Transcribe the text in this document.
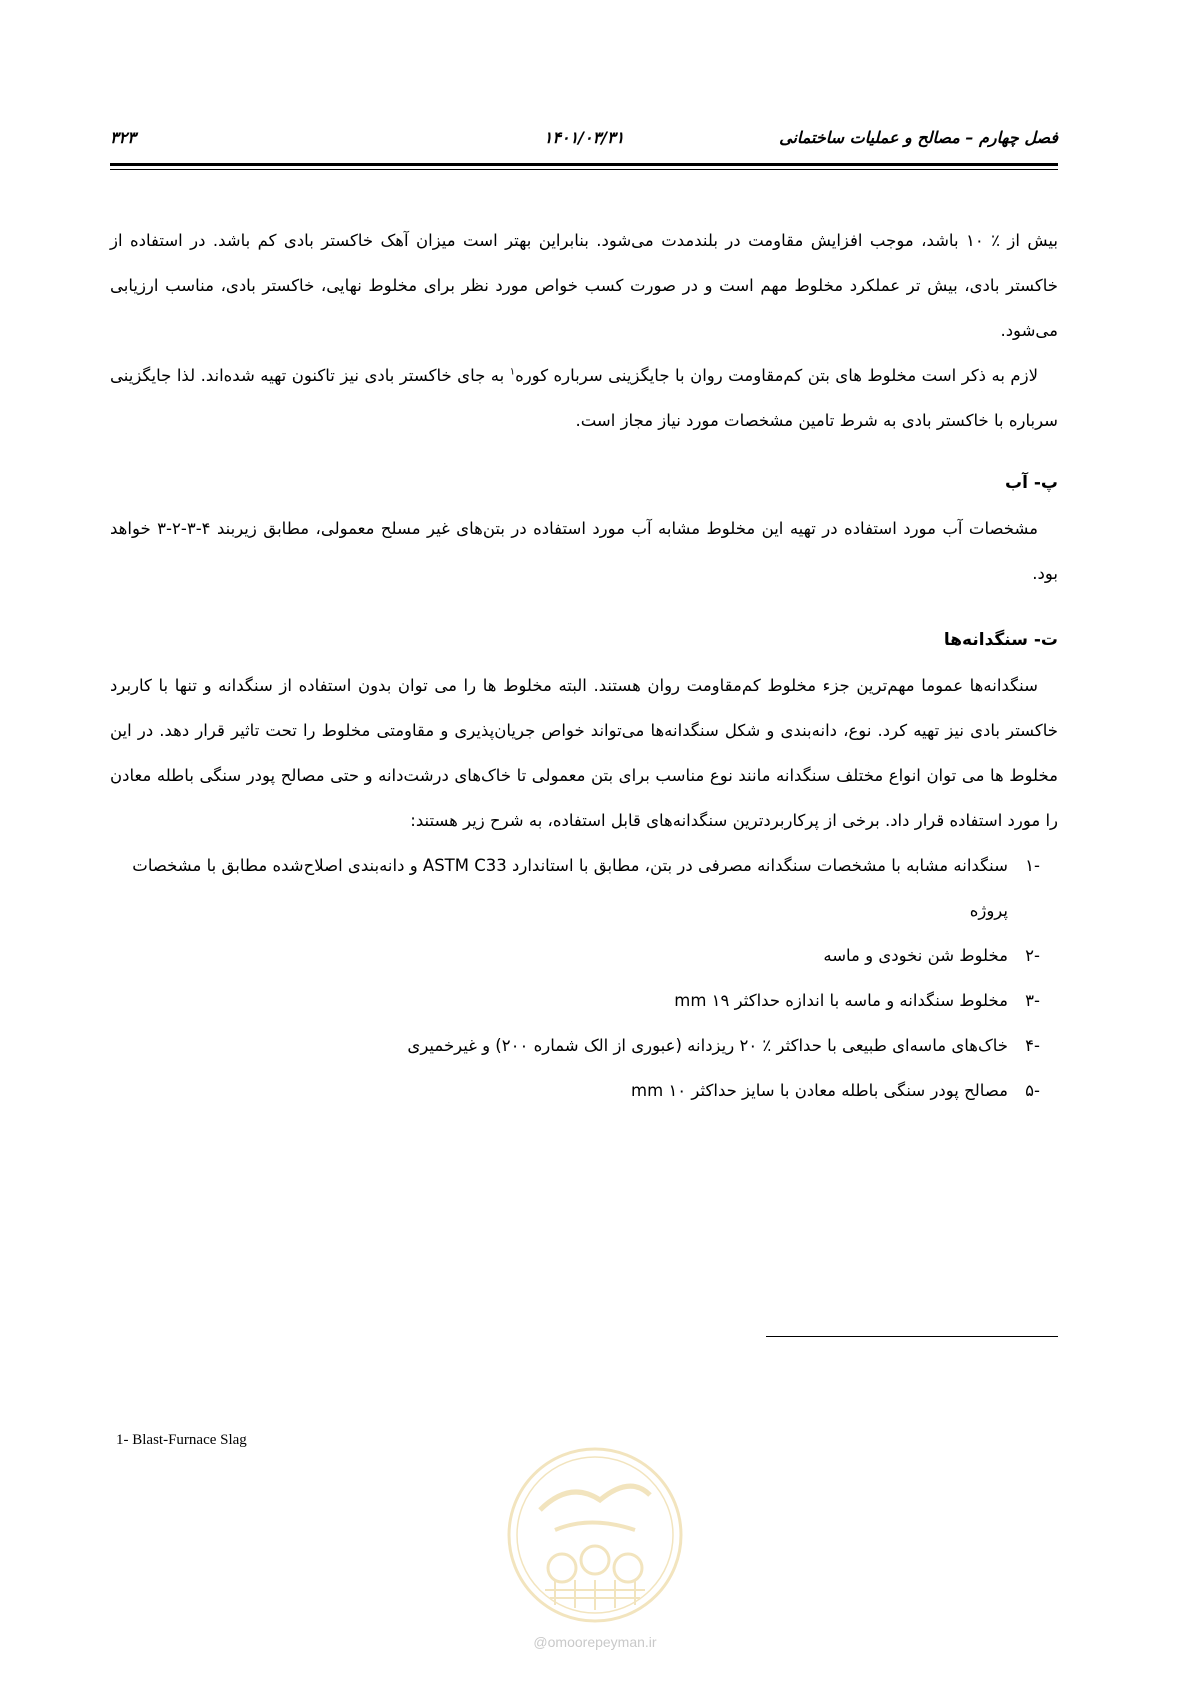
فصل چهارم – مصالح و عملیات ساختمانی
۱۴۰۱/۰۳/۳۱
۳۲۳

بیش از ٪ ۱۰ باشد، موجب افزایش مقاومت در بلندمدت می‌شود. بنابراین بهتر است میزان آهک خاکستر بادی کم باشد. در استفاده از خاکستر بادی، بیش تر عملکرد مخلوط مهم است و در صورت کسب خواص مورد نظر برای مخلوط نهایی، خاکستر بادی، مناسب ارزیابی می‌شود.

لازم به ذکر است مخلوط های بتن کم‌مقاومت روان با جایگزینی سرباره کوره$^۱$ به جای خاکستر بادی نیز تاکنون تهیه شده‌اند. لذا جایگزینی سرباره با خاکستر بادی به شرط تامین مشخصات مورد نیاز مجاز است.

پ- آب

مشخصات آب مورد استفاده در تهیه این مخلوط مشابه آب مورد استفاده در بتن‌های غیر مسلح معمولی، مطابق زیربند ۴-۳-۲-۳ خواهد بود.

ت- سنگدانه‌ها

سنگدانه‌ها عموما مهم‌ترین جزء مخلوط کم‌مقاومت روان هستند. البته مخلوط ها را می توان بدون استفاده از سنگدانه و تنها با کاربرد خاکستر بادی نیز تهیه کرد. نوع، دانه‌بندی و شکل سنگدانه‌ها می‌تواند خواص جریان‌پذیری و مقاومتی مخلوط را تحت تاثیر قرار دهد. در این مخلوط ها می توان انواع مختلف سنگدانه مانند نوع مناسب برای بتن معمولی تا خاک‌های درشت‌دانه و حتی مصالح پودر سنگی باطله معادن را مورد استفاده قرار داد. برخی از پرکاربردترین سنگدانه‌های قابل استفاده، به شرح زیر هستند:

-۱
سنگدانه مشابه با مشخصات سنگدانه مصرفی در بتن، مطابق با استاندارد ASTM C33 و دانه‌بندی اصلاح‌شده مطابق با مشخصات پروژه
-۲
مخلوط شن نخودی و ماسه
-۳
مخلوط سنگدانه و ماسه با اندازه حداکثر ۱۹ mm
-۴
خاک‌های ماسه‌ای طبیعی با حداکثر ٪ ۲۰ ریزدانه (عبوری از الک شماره ۲۰۰) و غیرخمیری
-۵
مصالح پودر سنگی باطله معادن با سایز حداکثر ۱۰ mm
1- Blast-Furnace Slag
@omoorepeyman.ir
